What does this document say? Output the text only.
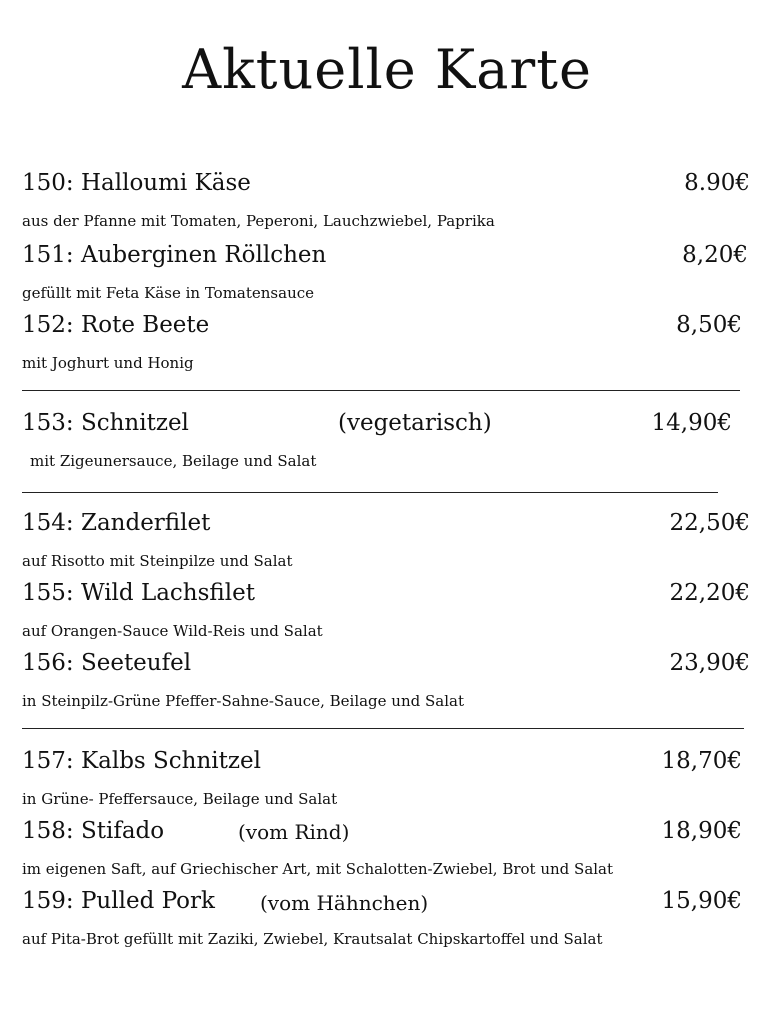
Aktuelle Karte
150: Halloumi Käse	8.90€
aus der Pfanne mit Tomaten, Peperoni, Lauchzwiebel, Paprika
151: Auberginen Röllchen	8,20€
gefüllt mit Feta Käse in Tomatensauce
152: Rote Beete	8,50€
mit Joghurt und Honig
153: Schnitzel	(vegetarisch)	14,90€
mit Zigeunersauce, Beilage und Salat
154: Zanderfilet	22,50€
auf Risotto mit Steinpilze und Salat
155: Wild Lachsfilet	22,20€
auf Orangen-Sauce Wild-Reis und Salat
156: Seeteufel	23,90€
in Steinpilz-Grüne Pfeffer-Sahne-Sauce, Beilage und Salat
157: Kalbs Schnitzel	18,70€
in Grüne- Pfeffersauce, Beilage und Salat
158: Stifado	(vom Rind)	18,90€
im eigenen Saft, auf Griechischer Art, mit Schalotten-Zwiebel, Brot und Salat
159: Pulled Pork (vom Hähnchen)	15,90€
auf Pita-Brot gefüllt mit Zaziki, Zwiebel, Krautsalat Chipskartoffel und Salat
